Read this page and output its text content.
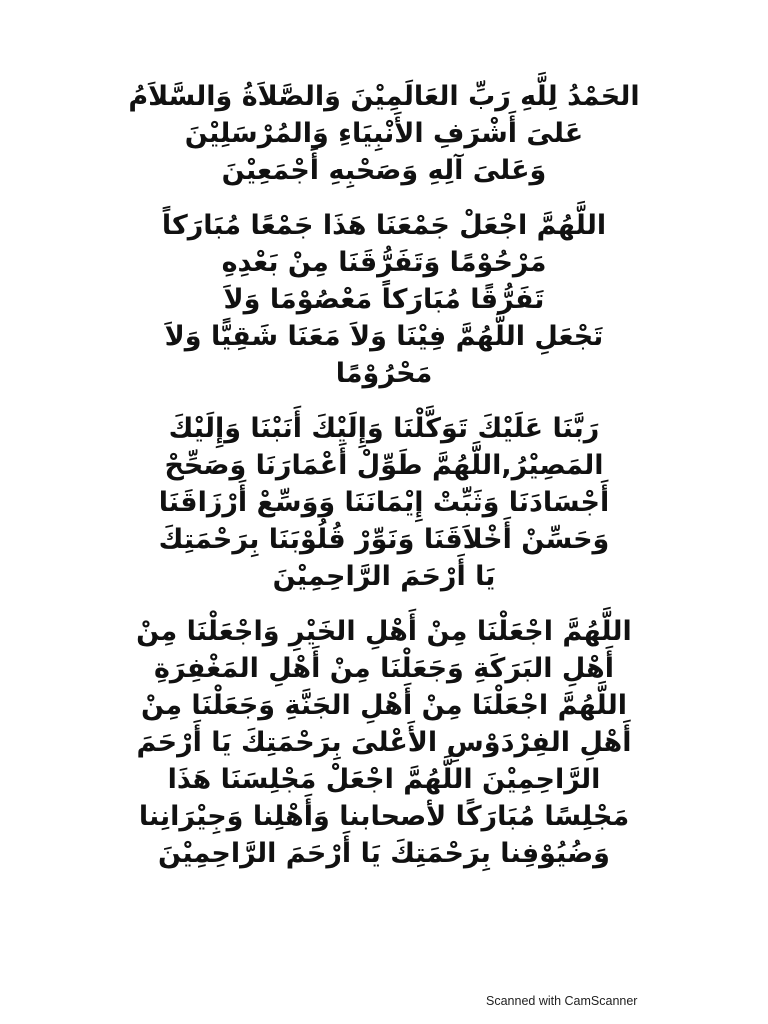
الحَمْدُ لِلَّهِ رَبِّ العَالَمِيْنَ وَالصَّلاَةُ وَالسَّلاَمُ
عَلىَ أَشْرَفِ الأَنْبِيَاءِ وَالمُرْسَلِيْنَ
وَعَلىَ آلِهِ وَصَحْبِهِ أَجْمَعِيْنَ
اللَّهُمَّ اجْعَلْ جَمْعَنَا هَذَا جَمْعًا مُبَارَكاً
مَرْحُوْمًا وَتَفَرُّقَنَا مِنْ بَعْدِهِ
تَفَرُّقًا مُبَارَكاً مَعْصُوْمَا وَلاَ
تَجْعَلِ اللَّهُمَّ فِيْنَا وَلاَ مَعَنَا شَقِيًّا وَلاَ
مَحْرُوْمًا
رَبَّنَا عَلَيْكَ تَوَكَّلْنَا وَإِلَيْكَ أَنَبْنَا وَإِلَيْكَ
المَصِيْرُ,اللَّهُمَّ طَوِّلْ أَعْمَارَنَا وَصَحِّحْ
أَجْسَادَنَا وَثَبِّتْ إِيْمَانَنَا وَوَسِّعْ أَرْزَاقَنَا
وَحَسِّنْ أَخْلاَقَنَا وَنَوِّرْ قُلُوْبَنَا بِرَحْمَتِكَ
يَا أَرْحَمَ الرَّاحِمِيْنَ
اللَّهُمَّ اجْعَلْنَا مِنْ أَهْلِ الخَيْرِ وَاجْعَلْنَا مِنْ
أَهْلِ البَرَكَةِ وَجَعَلْنَا مِنْ أَهْلِ المَغْفِرَةِ
اللَّهُمَّ اجْعَلْنَا مِنْ أَهْلِ الجَنَّةِ وَجَعَلْنَا مِنْ
أَهْلِ الفِرْدَوْسِ الأَعْلىَ بِرَحْمَتِكَ يَا أَرْحَمَ
الرَّاحِمِيْنَ اللَّهُمَّ اجْعَلْ مَجْلِسَنَا هَذَا
مَجْلِسًا مُبَارَكًا لأصحابنا وَأَهْلِنا وَجِيْرَانِنا
وَضُيُوْفِنا بِرَحْمَتِكَ يَا أَرْحَمَ الرَّاحِمِيْنَ
Scanned with CamScanner
